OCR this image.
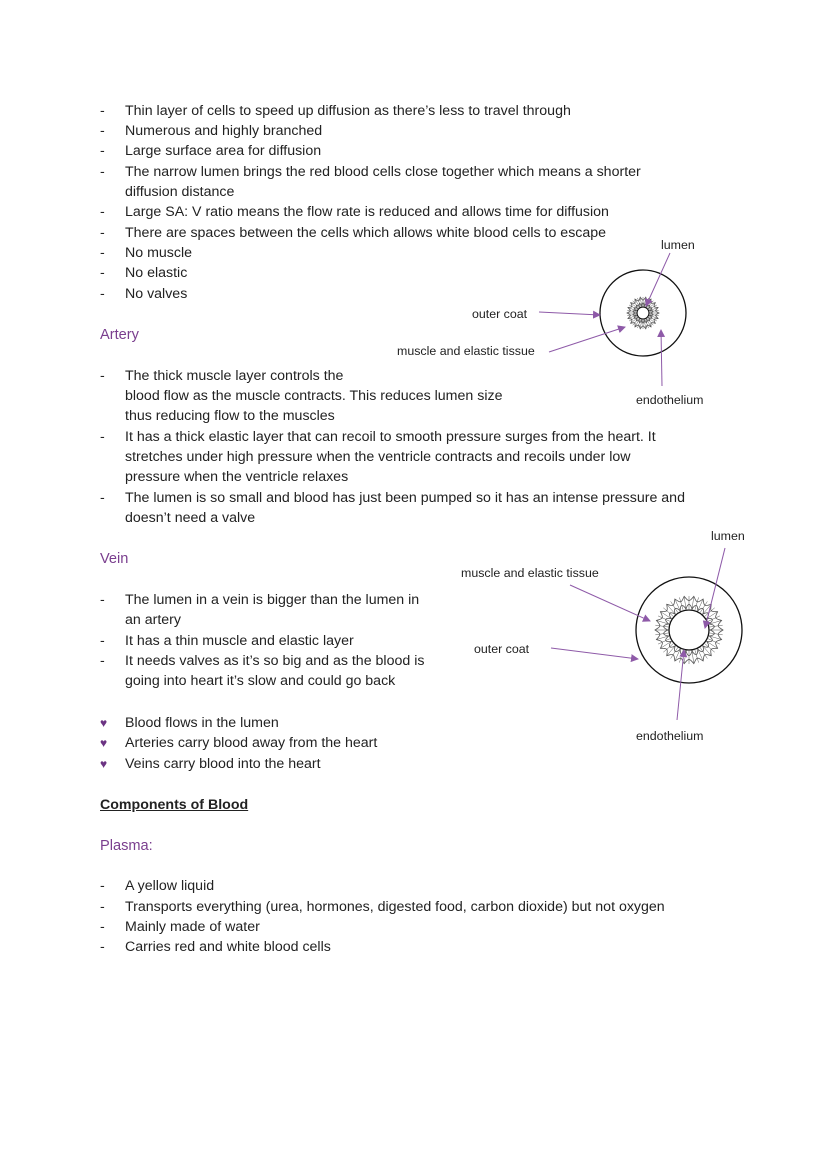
- Thin layer of cells to speed up diffusion as there’s less to travel through
- Numerous and highly branched
- Large surface area for diffusion
- The narrow lumen brings the red blood cells close together which means a shorter
diffusion distance
- Large SA: V ratio means the flow rate is reduced and allows time for diffusion
- There are spaces between the cells which allows white blood cells to escape
- No muscle
- No elastic
- No valves
Artery
- The thick muscle layer controls the
blood flow as the muscle contracts. This reduces lumen size
thus reducing flow to the muscles
- It has a thick elastic layer that can recoil to smooth pressure surges from the heart. It
stretches under high pressure when the ventricle contracts and recoils under low
pressure when the ventricle relaxes
- The lumen is so small and blood has just been pumped so it has an intense pressure and
doesn’t need a valve
lumen
outer coat
muscle and elastic tissue
endothelium
Vein
- The lumen in a vein is bigger than the lumen in
an artery
- It has a thin muscle and elastic layer
- It needs valves as it’s so big and as the blood is
going into heart it’s slow and could go back
lumen
muscle and elastic tissue
outer coat
endothelium
♥ Blood flows in the lumen
♥ Arteries carry blood away from the heart
♥ Veins carry blood into the heart
Components of Blood
Plasma:
- A yellow liquid
- Transports everything (urea, hormones, digested food, carbon dioxide) but not oxygen
- Mainly made of water
- Carries red and white blood cells
